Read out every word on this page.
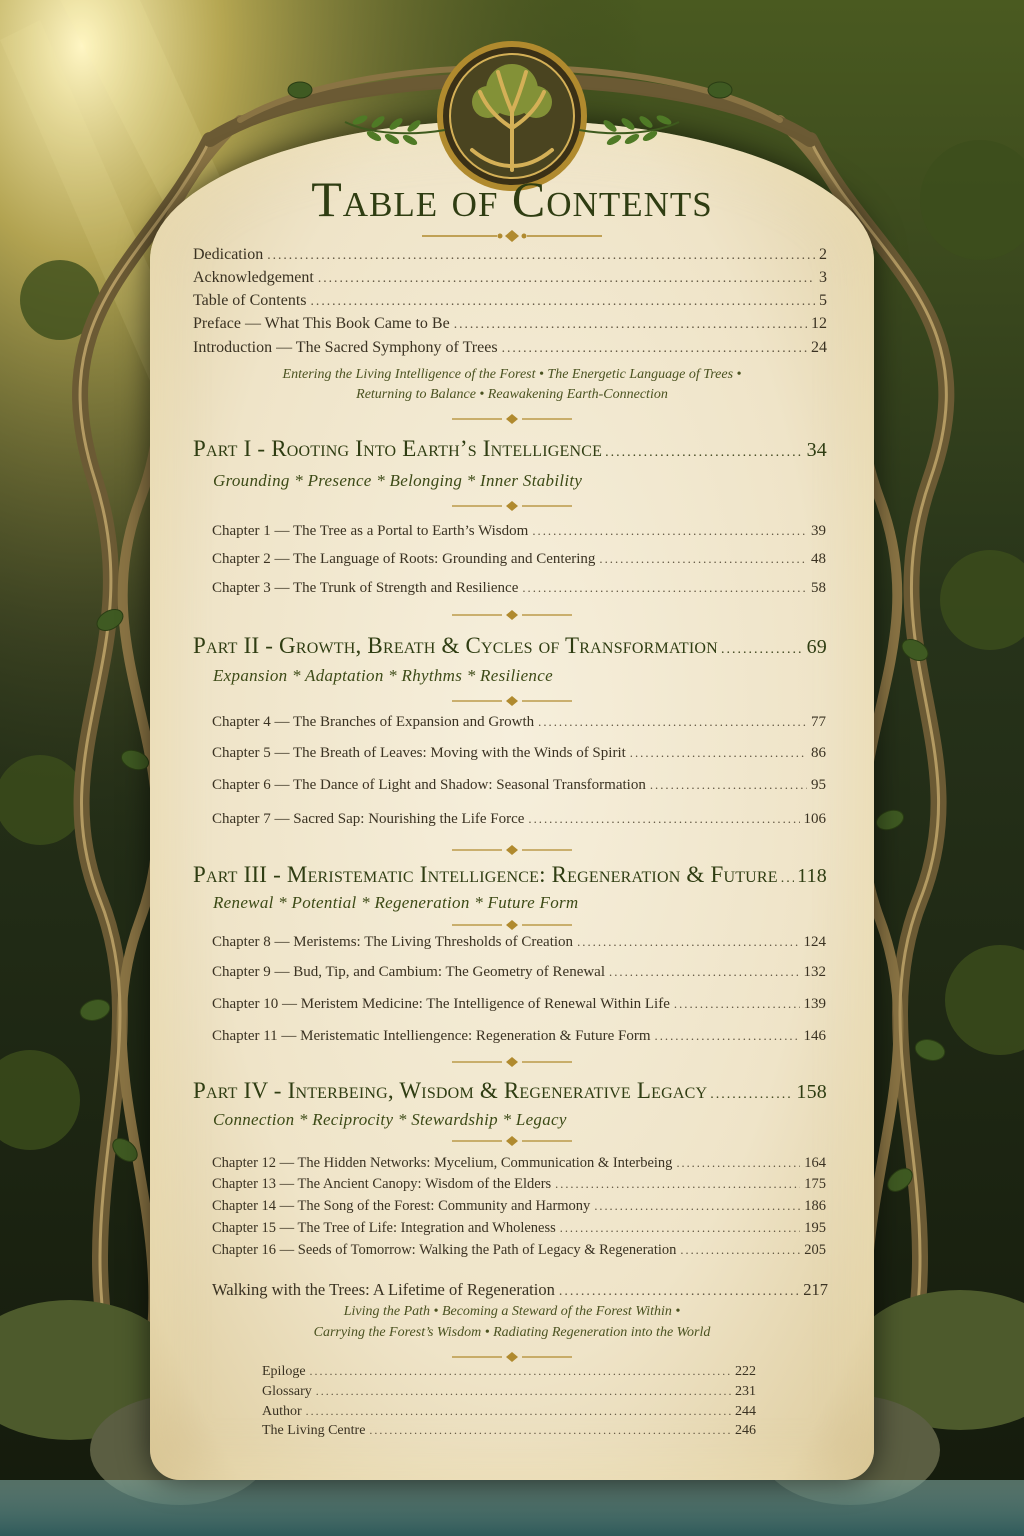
Table of Contents
Dedication .....	2
Acknowledgement .....	3
Table of Contents .....	5
Preface — What This Book Came to Be .....	12
Introduction — The Sacred Symphony of Trees .....	24
Entering the Living Intelligence of the Forest • The Energetic Language of Trees •
Returning to Balance • Reawakening Earth-Connection
Part I - Rooting Into Earth’s Intelligence .....	34
Grounding * Presence * Belonging * Inner Stability
Chapter 1 — The Tree as a Portal to Earth’s Wisdom .....	39
Chapter 2 — The Language of Roots: Grounding and Centering .....	48
Chapter 3 — The Trunk of Strength and Resilience .....	58
Part II - Growth, Breath & Cycles of Transformation .....	69
Expansion * Adaptation * Rhythms * Resilience
Chapter 4 — The Branches of Expansion and Growth .....	77
Chapter 5 — The Breath of Leaves: Moving with the Winds of Spirit .....	86
Chapter 6 — The Dance of Light and Shadow: Seasonal Transformation .....	95
Chapter 7 — Sacred Sap: Nourishing the Life Force .....	106
Part III - Meristematic Intelligence: Regeneration & Future ..... 118
Renewal * Potential * Regeneration * Future Form
Chapter 8 — Meristems: The Living Thresholds of Creation .....	124
Chapter 9 — Bud, Tip, and Cambium: The Geometry of Renewal .....	132
Chapter 10 — Meristem Medicine: The Intelligence of Renewal Within Life .....	139
Chapter 11 — Meristematic Intelliengence: Regeneration & Future Form .....	146
Part IV - Interbeing, Wisdom & Regenerative Legacy .....	158
Connection * Reciprocity * Stewardship * Legacy
Chapter 12 — The Hidden Networks: Mycelium, Communication & Interbeing .....	164
Chapter 13 — The Ancient Canopy: Wisdom of the Elders .....	175
Chapter 14 — The Song of the Forest: Community and Harmony .....	186
Chapter 15 — The Tree of Life: Integration and Wholeness .....	195
Chapter 16 — Seeds of Tomorrow: Walking the Path of Legacy & Regeneration .....	205
Walking with the Trees: A Lifetime of Regeneration .....	217
Living the Path • Becoming a Steward of the Forest Within •
Carrying the Forest’s Wisdom • Radiating Regeneration into the World
Epiloge .....	222
Glossary .....	231
Author .....	244
The Living Centre .....	246
